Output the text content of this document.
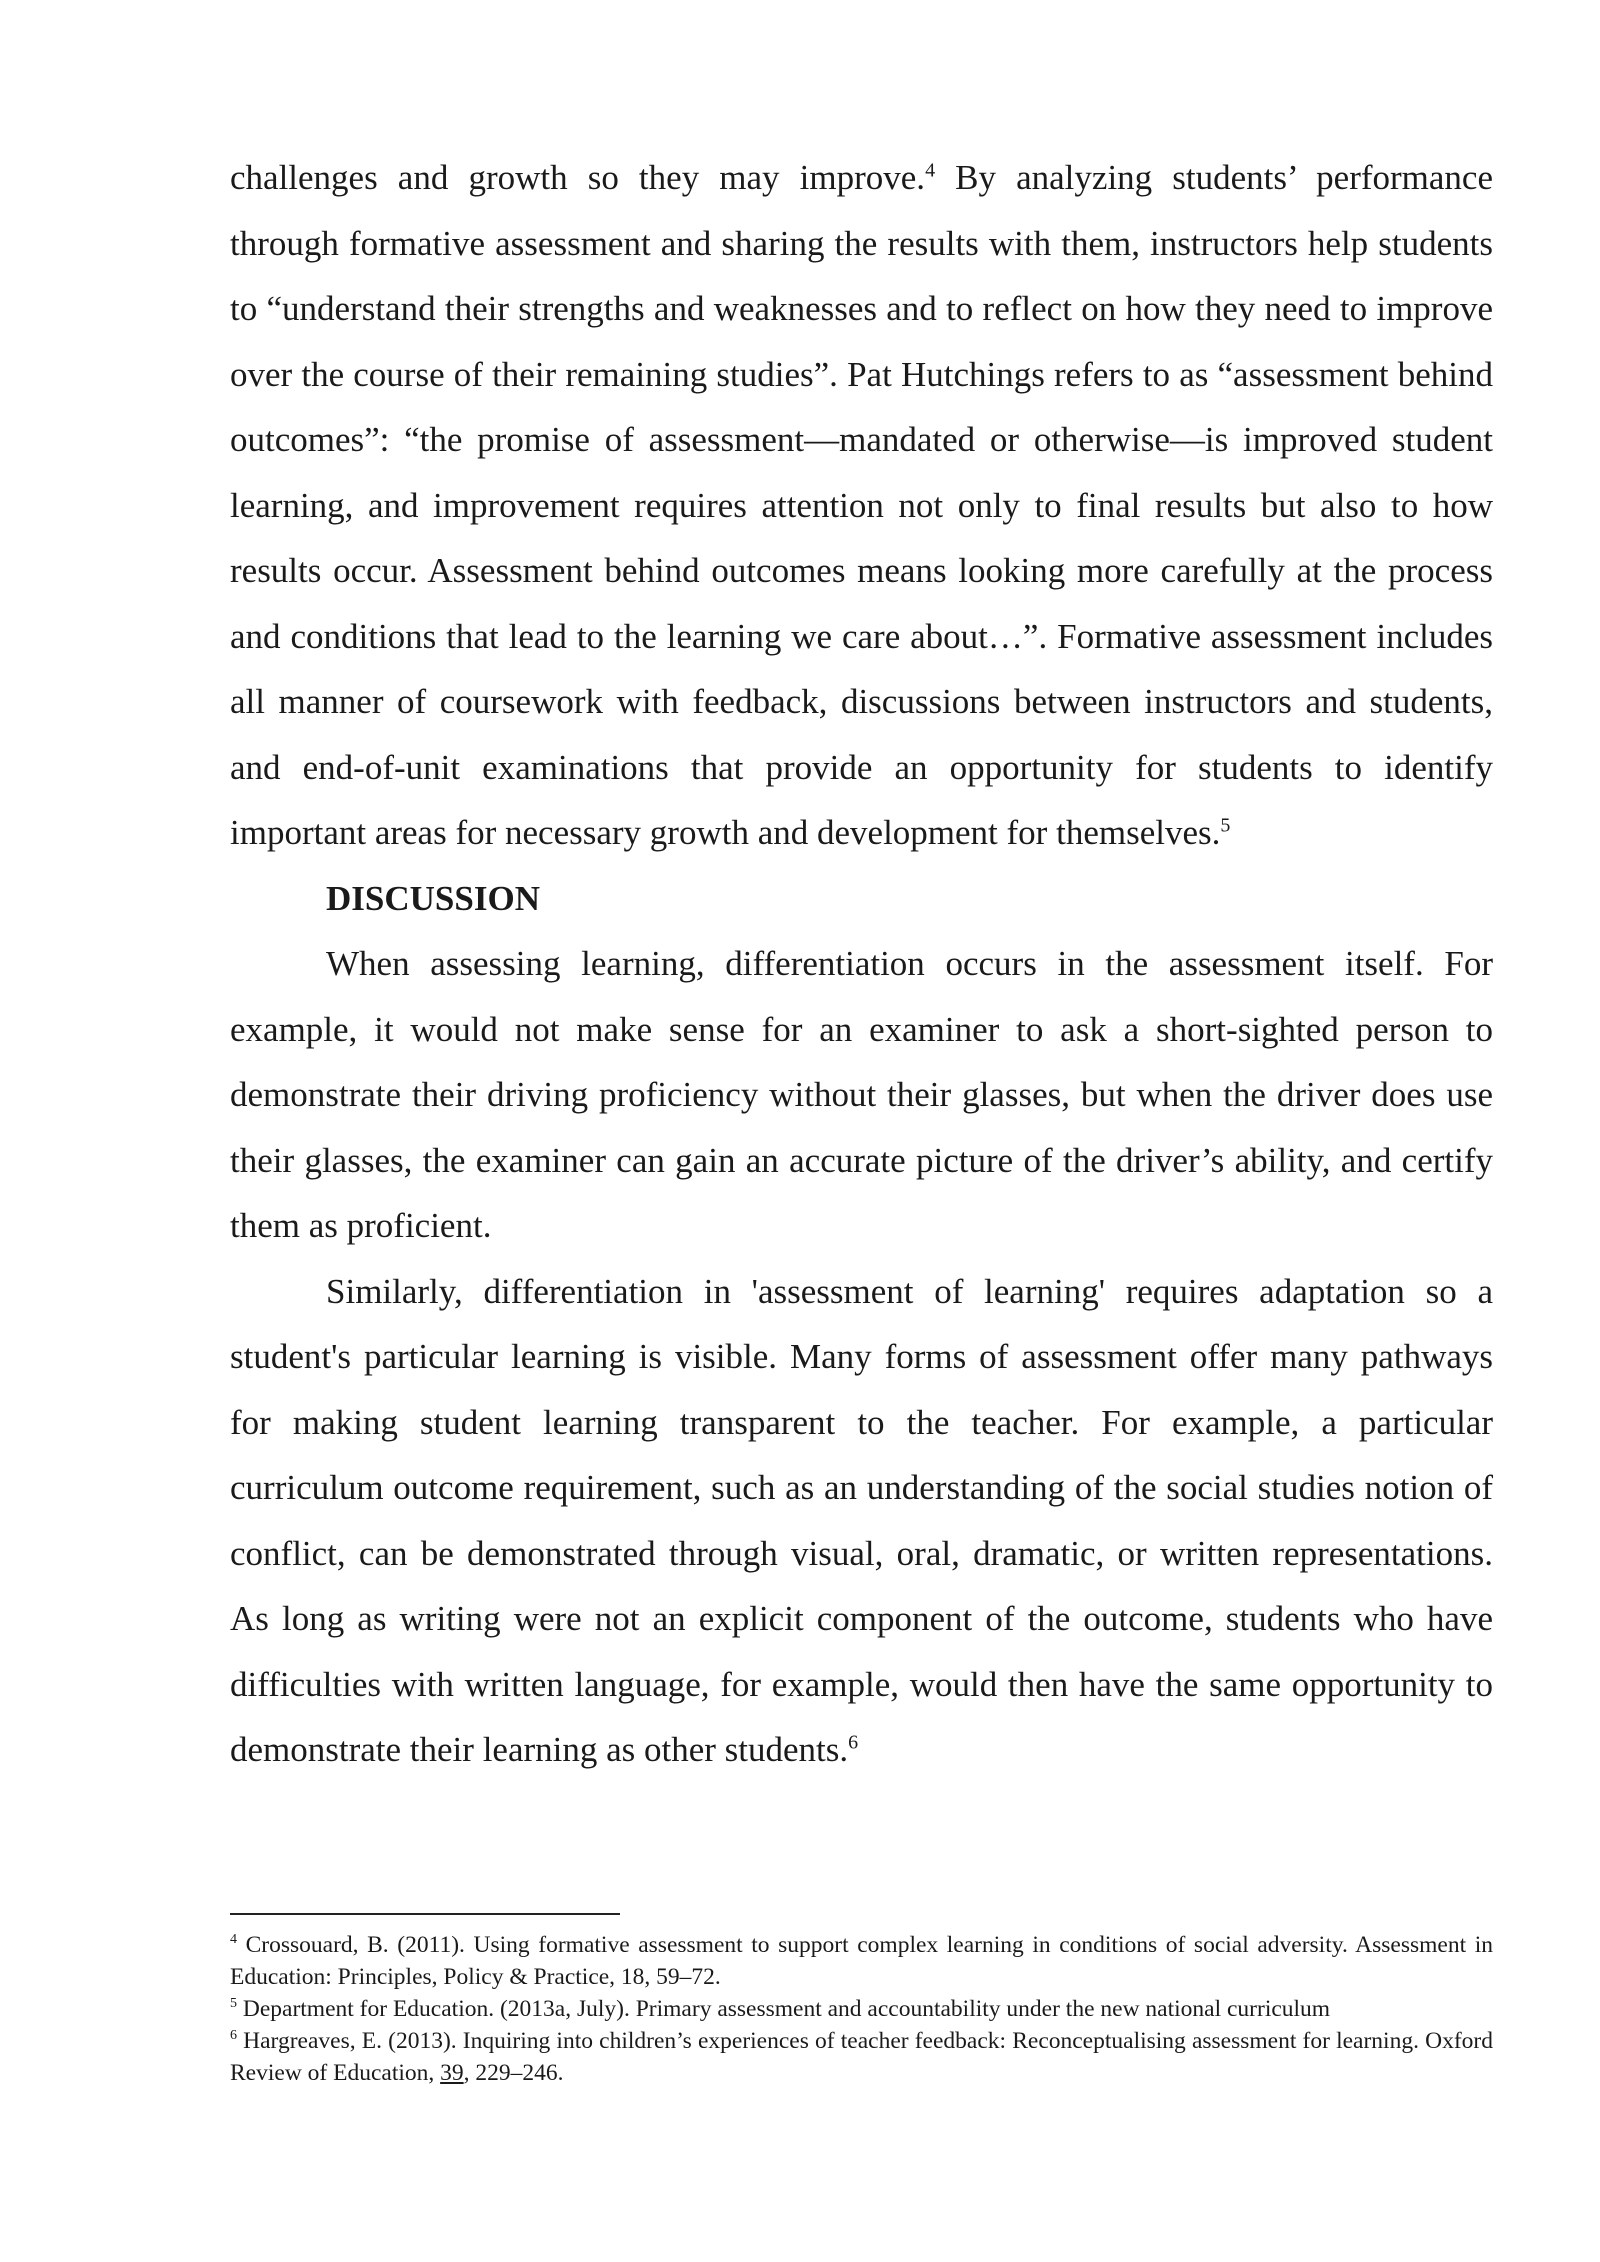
challenges and growth so they may improve.$^4$ By analyzing students’ performance through formative assessment and sharing the results with them, instructors help students to “understand their strengths and weaknesses and to reflect on how they need to improve over the course of their remaining studies”. Pat Hutchings refers to as “assessment behind outcomes”: “the promise of assessment—mandated or otherwise—is improved student learning, and improvement requires attention not only to final results but also to how results occur. Assessment behind outcomes means looking more carefully at the process and conditions that lead to the learning we care about…”. Formative assessment includes all manner of coursework with feedback, discussions between instructors and students, and end-of-unit examinations that provide an opportunity for students to identify important areas for necessary growth and development for themselves.$^5$

DISCUSSION

When assessing learning, differentiation occurs in the assessment itself. For example, it would not make sense for an examiner to ask a short-sighted person to demonstrate their driving proficiency without their glasses, but when the driver does use their glasses, the examiner can gain an accurate picture of the driver’s ability, and certify them as proficient.

Similarly, differentiation in 'assessment of learning' requires adaptation so a student's particular learning is visible. Many forms of assessment offer many pathways for making student learning transparent to the teacher. For example, a particular curriculum outcome requirement, such as an understanding of the social studies notion of conflict, can be demonstrated through visual, oral, dramatic, or written representations. As long as writing were not an explicit component of the outcome, students who have difficulties with written language, for example, would then have the same opportunity to demonstrate their learning as other students.$^6$

$^4$ Crossouard, B. (2011). Using formative assessment to support complex learning in conditions of social adversity. Assessment in Education: Principles, Policy & Practice, 18, 59–72.

$^5$ Department for Education. (2013a, July). Primary assessment and accountability under the new national curriculum

$^6$ Hargreaves, E. (2013). Inquiring into children’s experiences of teacher feedback: Reconceptualising assessment for learning. Oxford Review of Education, 39, 229–246.
